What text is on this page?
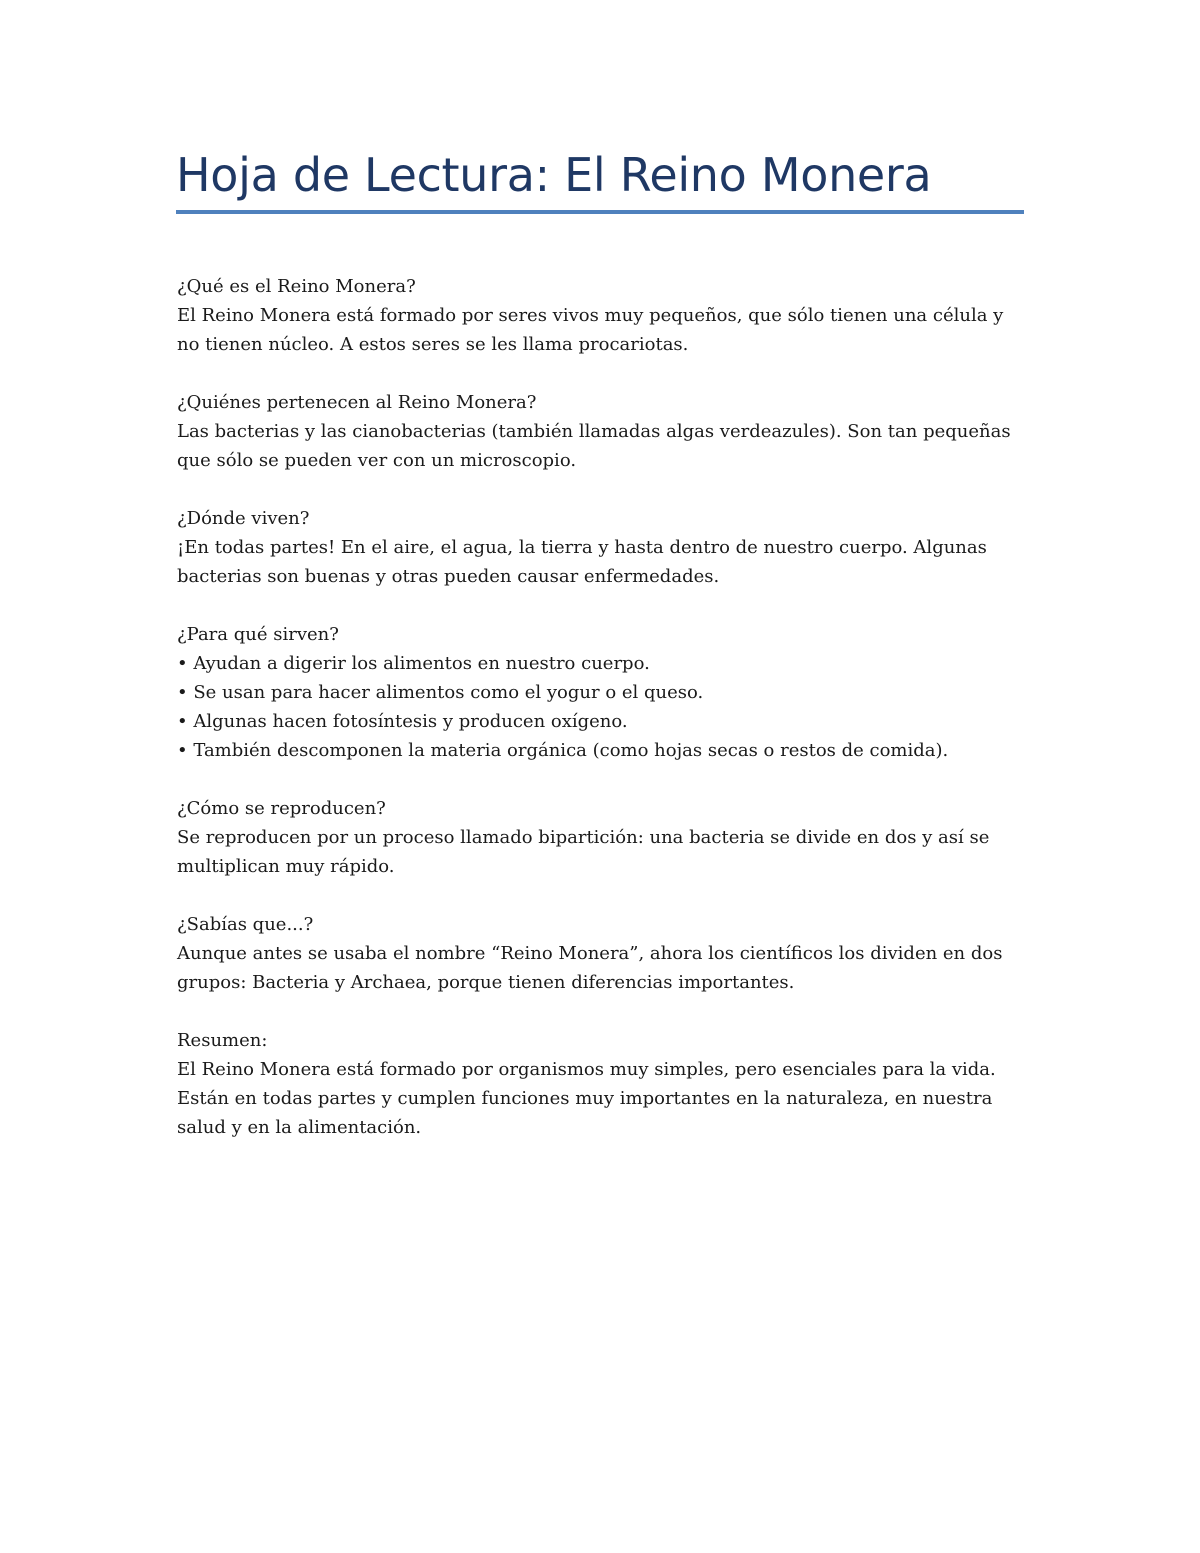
Hoja de Lectura: El Reino Monera

¿Qué es el Reino Monera?
El Reino Monera está formado por seres vivos muy pequeños, que sólo tienen una célula y no tienen núcleo. A estos seres se les llama procariotas.

¿Quiénes pertenecen al Reino Monera?
Las bacterias y las cianobacterias (también llamadas algas verdeazules). Son tan pequeñas que sólo se pueden ver con un microscopio.

¿Dónde viven?
¡En todas partes! En el aire, el agua, la tierra y hasta dentro de nuestro cuerpo. Algunas bacterias son buenas y otras pueden causar enfermedades.

¿Para qué sirven?
• Ayudan a digerir los alimentos en nuestro cuerpo.
• Se usan para hacer alimentos como el yogur o el queso.
• Algunas hacen fotosíntesis y producen oxígeno.
• También descomponen la materia orgánica (como hojas secas o restos de comida).

¿Cómo se reproducen?
Se reproducen por un proceso llamado bipartición: una bacteria se divide en dos y así se multiplican muy rápido.

¿Sabías que...?
Aunque antes se usaba el nombre “Reino Monera”, ahora los científicos los dividen en dos grupos: Bacteria y Archaea, porque tienen diferencias importantes.

Resumen:
El Reino Monera está formado por organismos muy simples, pero esenciales para la vida. Están en todas partes y cumplen funciones muy importantes en la naturaleza, en nuestra salud y en la alimentación.
